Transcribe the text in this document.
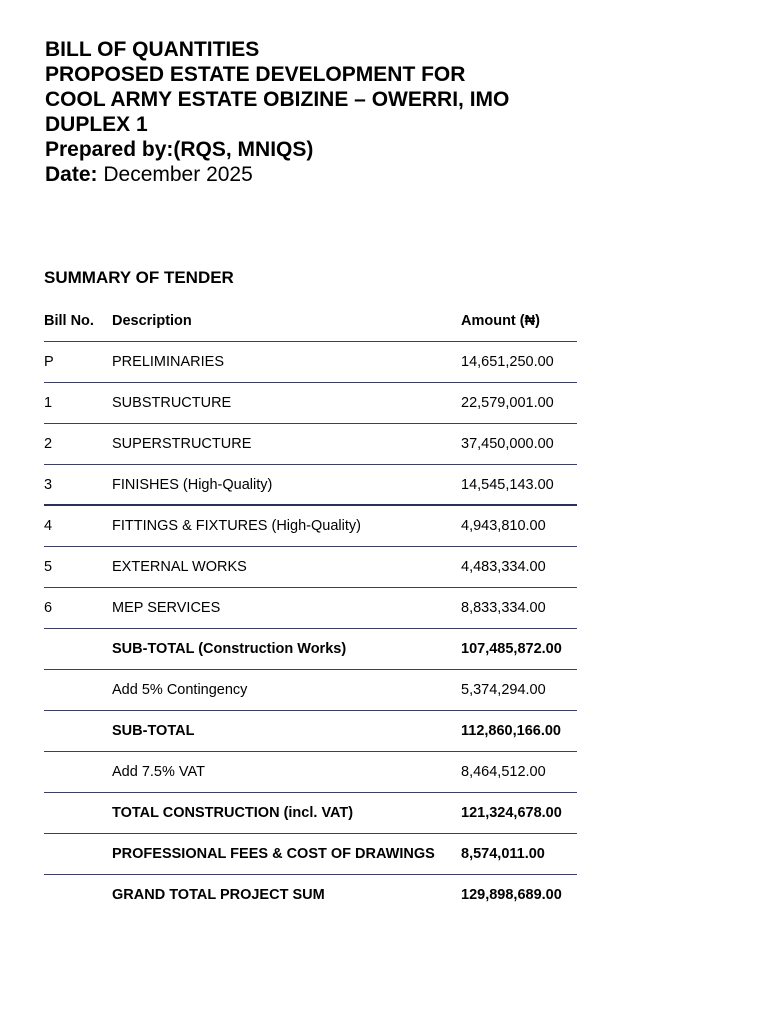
BILL OF QUANTITIES
PROPOSED ESTATE DEVELOPMENT FOR
COOL ARMY ESTATE OBIZINE – OWERRI, IMO
DUPLEX 1
Prepared by:(RQS, MNIQS)
Date: December 2025
SUMMARY OF TENDER
Bill No.	Description	Amount (₦)
P	PRELIMINARIES	14,651,250.00
1	SUBSTRUCTURE	22,579,001.00
2	SUPERSTRUCTURE	37,450,000.00
3	FINISHES (High-Quality)	14,545,143.00
4	FITTINGS & FIXTURES (High-Quality)	4,943,810.00
5	EXTERNAL WORKS	4,483,334.00
6	MEP SERVICES	8,833,334.00
SUB-TOTAL (Construction Works)	107,485,872.00
Add 5% Contingency	5,374,294.00
SUB-TOTAL	112,860,166.00
Add 7.5% VAT	8,464,512.00
TOTAL CONSTRUCTION (incl. VAT)	121,324,678.00
PROFESSIONAL FEES & COST OF DRAWINGS	8,574,011.00
GRAND TOTAL PROJECT SUM	129,898,689.00
